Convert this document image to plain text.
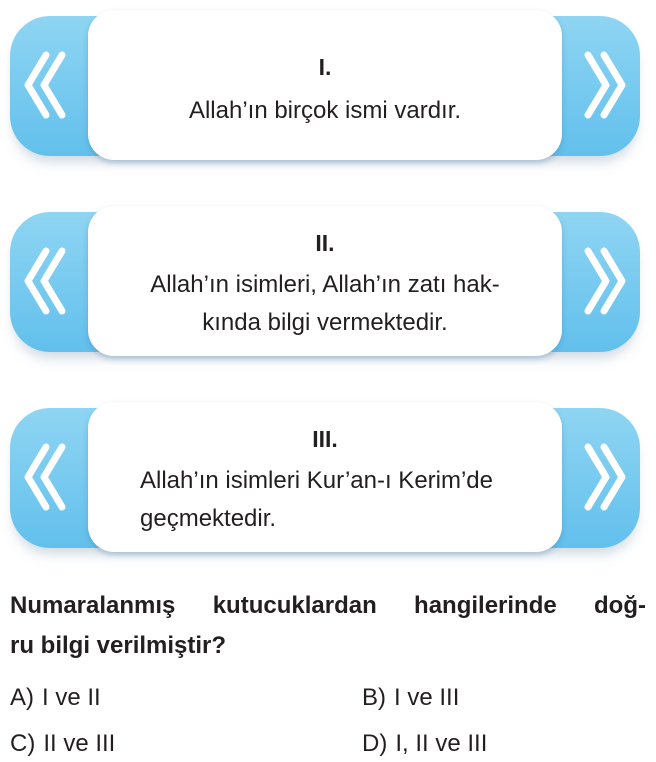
I.
Allah’ın birçok ismi vardır.
II.
Allah’ın isimleri, Allah’ın zatı hak-
kında bilgi vermektedir.
III.
Allah’ın isimleri Kur’an-ı Kerim’de
geçmektedir.
Numaralanmış kutucuklardan hangilerinde doğ-
ru bilgi verilmiştir?
A) I ve II	B) I ve III
C) II ve III	D) I, II ve III
